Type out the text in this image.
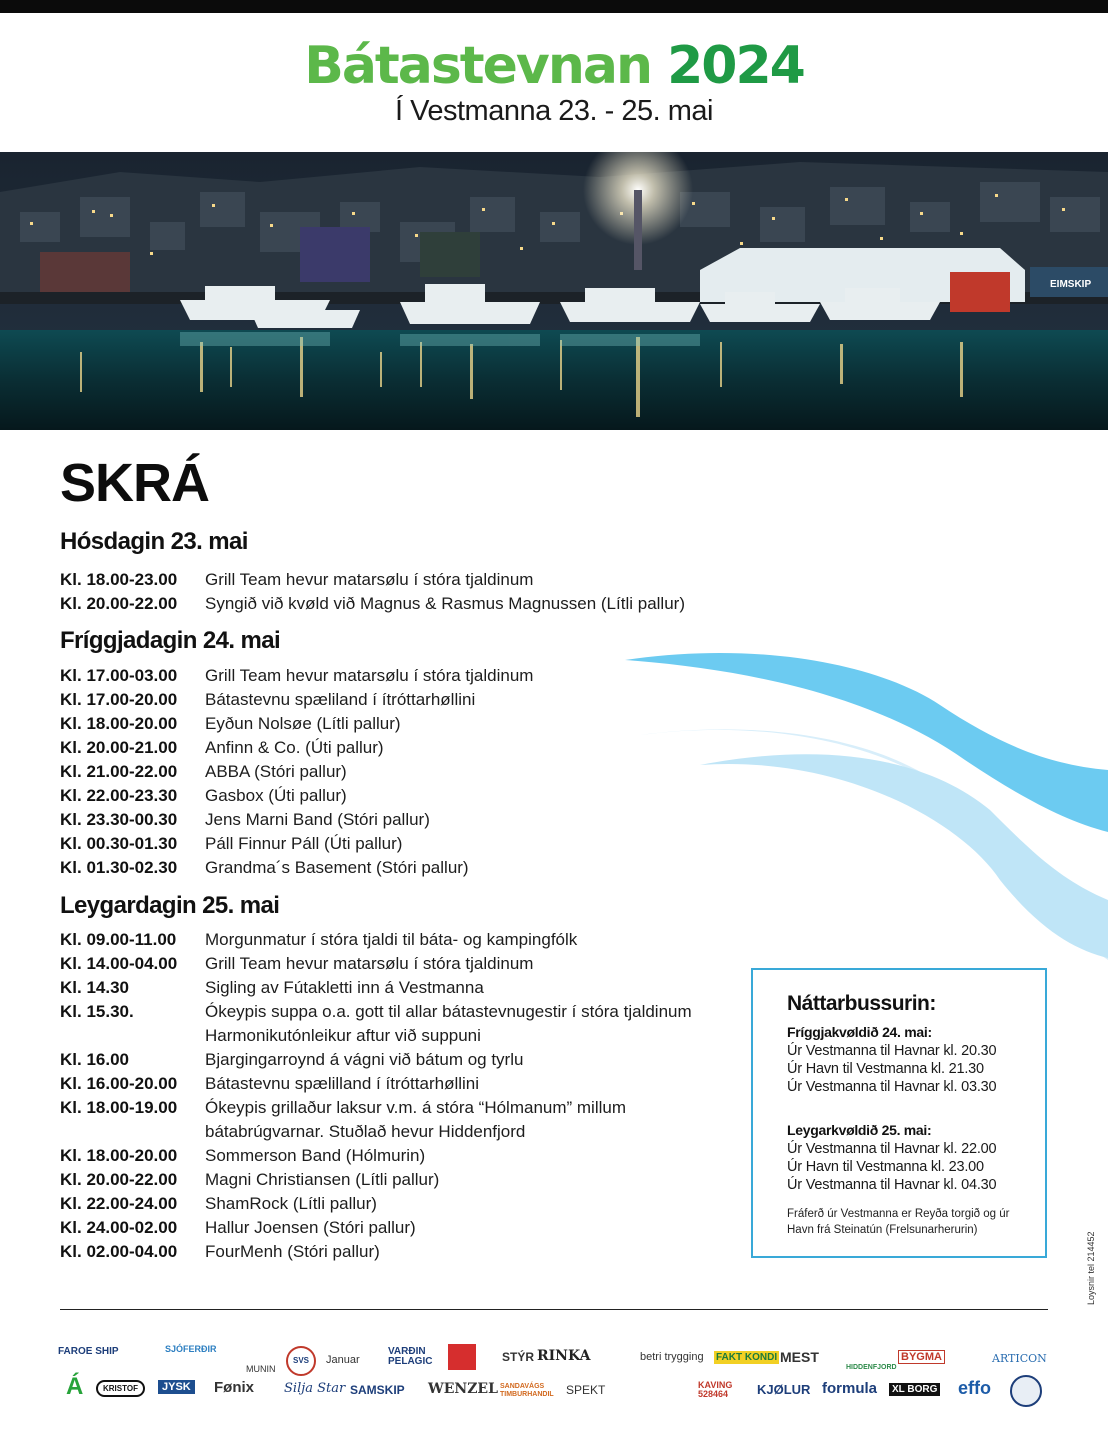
Bátastevnan 2024
Í Vestmanna 23. - 25. mai
EIMSKIP
SKRÁ
Hósdagin 23. mai
Kl. 18.00-23.00 Grill Team hevur matarsølu í stóra tjaldinum
Kl. 20.00-22.00 Syngið við kvøld við Magnus & Rasmus Magnussen (Lítli pallur)
Fríggjadagin 24. mai
Kl. 17.00-03.00 Grill Team hevur matarsølu í stóra tjaldinum
Kl. 17.00-20.00 Bátastevnu spæliland í ítróttarhøllini
Kl. 18.00-20.00 Eyðun Nolsøe (Lítli pallur)
Kl. 20.00-21.00 Anfinn & Co. (Úti pallur)
Kl. 21.00-22.00 ABBA (Stóri pallur)
Kl. 22.00-23.30 Gasbox (Úti pallur)
Kl. 23.30-00.30 Jens Marni Band (Stóri pallur)
Kl. 00.30-01.30 Páll Finnur Páll (Úti pallur)
Kl. 01.30-02.30 Grandma´s Basement (Stóri pallur)
Leygardagin 25. mai
Kl. 09.00-11.00 Morgunmatur í stóra tjaldi til báta- og kampingfólk
Kl. 14.00-04.00 Grill Team hevur matarsølu í stóra tjaldinum
Kl. 14.30	Sigling av Fútakletti inn á Vestmanna
Kl. 15.30.	Ókeypis suppa o.a. gott til allar bátastevnugestir í stóra tjaldinum
Harmonikutónleikur aftur við suppuni
Kl. 16.00	Bjargingarroynd á vágni við bátum og tyrlu
Kl. 16.00-20.00 Bátastevnu spælilland í ítróttarhøllini
Kl. 18.00-19.00 Ókeypis grillaður laksur v.m. á stóra “Hólmanum” millum
bátabrúgvarnar. Stuðlað hevur Hiddenfjord
Kl. 18.00-20.00 Sommerson Band (Hólmurin)
Kl. 20.00-22.00 Magni Christiansen (Lítli pallur)
Kl. 22.00-24.00 ShamRock (Lítli pallur)
Kl. 24.00-02.00 Hallur Joensen (Stóri pallur)
Kl. 02.00-04.00 FourMenh (Stóri pallur)
Náttarbussurin:
Fríggjakvøldið 24. mai:
Úr Vestmanna til Havnar kl. 20.30
Úr Havn til Vestmanna kl. 21.30
Úr Vestmanna til Havnar kl. 03.30
Leygarkvøldið 25. mai:
Úr Vestmanna til Havnar kl. 22.00
Úr Havn til Vestmanna kl. 23.00
Úr Vestmanna til Havnar kl. 04.30
Fráferð úr Vestmanna er Reyða torgið og úr Havn frá Steinatún (Frelsunarherurin)
Loysnir tel 214452
FAROE SHIP	SJÓFERÐIR
MUNIN
SVS	Januar
VARÐIN PELAGIC	STÝR RINKA	betri trygging FAKT KONDI MEST
HIDDENFJORD
BYGMA	ARTICON
Á	KRISTOF	JYSK Fønix Silja Star SAMSKIP WENZEL SANDAVÁGS TIMBURHANDIL	SPEKT	KAVING 528464	KJØLUR formula	XL BORG effo
